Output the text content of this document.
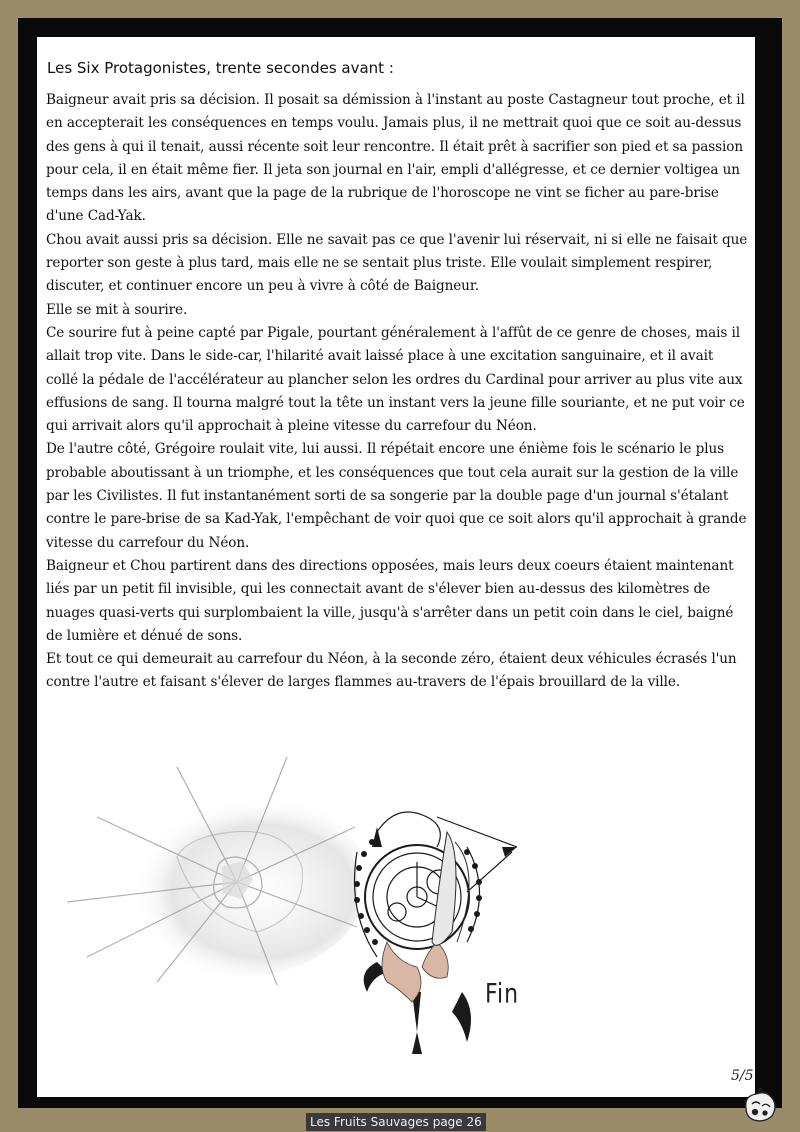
Les Six Protagonistes, trente secondes avant :

Baigneur avait pris sa décision. Il posait sa démission à l'instant au poste Castagneur tout proche, et il en accepterait les conséquences en temps voulu. Jamais plus, il ne mettrait quoi que ce soit au-dessus des gens à qui il tenait, aussi récente soit leur rencontre. Il était prêt à sacrifier son pied et sa passion pour cela, il en était même fier. Il jeta son journal en l'air, empli d'allégresse, et ce dernier voltigea un temps dans les airs, avant que la page de la rubrique de l'horoscope ne vint se ficher au pare-brise d'une Cad-Yak.

Chou avait aussi pris sa décision. Elle ne savait pas ce que l'avenir lui réservait, ni si elle ne faisait que reporter son geste à plus tard, mais elle ne se sentait plus triste. Elle voulait simplement respirer, discuter, et continuer encore un peu à vivre à côté de Baigneur.

Elle se mit à sourire.

Ce sourire fut à peine capté par Pigale, pourtant généralement à l'affût de ce genre de choses, mais il allait trop vite. Dans le side-car, l'hilarité avait laissé place à une excitation sanguinaire, et il avait collé la pédale de l'accélérateur au plancher selon les ordres du Cardinal pour arriver au plus vite aux effusions de sang. Il tourna malgré tout la tête un instant vers la jeune fille souriante, et ne put voir ce qui arrivait alors qu'il approchait à pleine vitesse du carrefour du Néon.

De l'autre côté, Grégoire roulait vite, lui aussi. Il répétait encore une énième fois le scénario le plus probable aboutissant à un triomphe, et les conséquences que tout cela aurait sur la gestion de la ville par les Civilistes. Il fut instantanément sorti de sa songerie par la double page d'un journal s'étalant contre le pare-brise de sa Kad-Yak, l'empêchant de voir quoi que ce soit alors qu'il approchait à grande vitesse du carrefour du Néon.

Baigneur et Chou partirent dans des directions opposées, mais leurs deux coeurs étaient maintenant liés par un petit fil invisible, qui les connectait avant de s'élever bien au-dessus des kilomètres de nuages quasi-verts qui surplombaient la ville, jusqu'à s'arrêter dans un petit coin dans le ciel, baigné de lumière et dénué de sons.

Et tout ce qui demeurait au carrefour du Néon, à la seconde zéro, étaient deux véhicules écrasés l'un contre l'autre et faisant s'élever de larges flammes au-travers de l'épais brouillard de la ville.

Fin
5/5
Les Fruits Sauvages page 26
